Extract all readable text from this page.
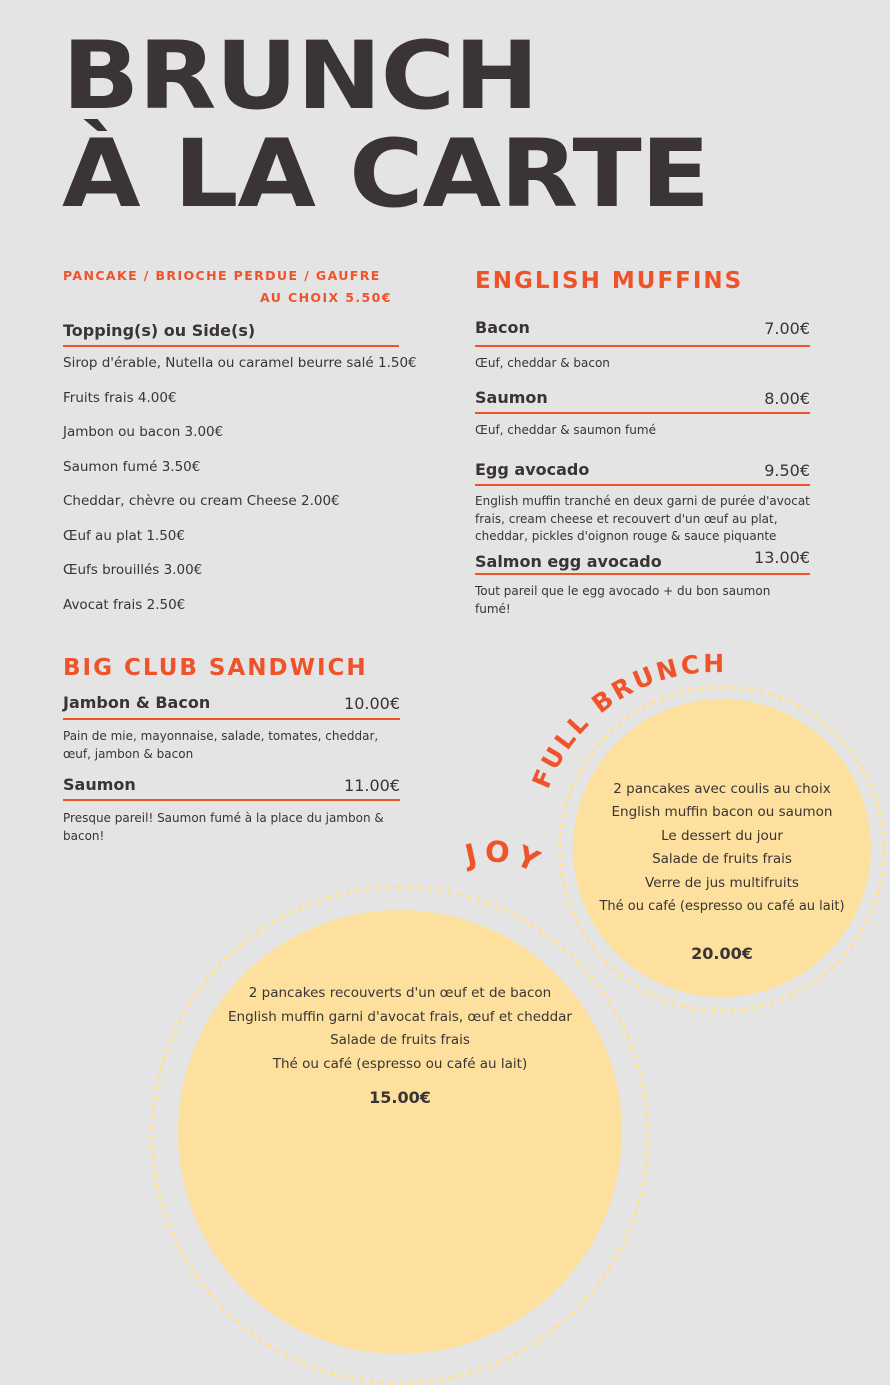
BRUNCH
À LA CARTE
PANCAKE / BRIOCHE PERDUE / GAUFRE
AU CHOIX 5.50€
Topping(s) ou Side(s)
Sirop d'érable, Nutella ou caramel beurre salé 1.50€
Fruits frais 4.00€
Jambon ou bacon 3.00€
Saumon fumé 3.50€
Cheddar, chèvre ou cream Cheese 2.00€
Œuf au plat 1.50€
Œufs brouillés 3.00€
Avocat frais 2.50€
ENGLISH MUFFINS
Bacon	7.00€
Œuf, cheddar & bacon
Saumon	8.00€
Œuf, cheddar & saumon fumé
Egg avocado	9.50€
English muffin tranché en deux garni de purée d'avocat frais, cream cheese et recouvert d'un œuf au plat, cheddar, pickles d'oignon rouge & sauce piquante
Salmon egg avocado	13.00€
Tout pareil que le egg avocado + du bon saumon fumé!
BIG CLUB SANDWICH
Jambon & Bacon	10.00€
Pain de mie, mayonnaise, salade, tomates, cheddar, œuf, jambon & bacon
Saumon	11.00€
Presque pareil! Saumon fumé à la place du jambon & bacon!
FULL BRUNCH
JOY
2 pancakes avec coulis au choix
English muffin bacon ou saumon
Le dessert du jour
Salade de fruits frais
Verre de jus multifruits
Thé ou café (espresso ou café au lait)
20.00€
2 pancakes recouverts d'un œuf et de bacon
English muffin garni d'avocat frais, œuf et cheddar
Salade de fruits frais
Thé ou café (espresso ou café au lait)
15.00€
